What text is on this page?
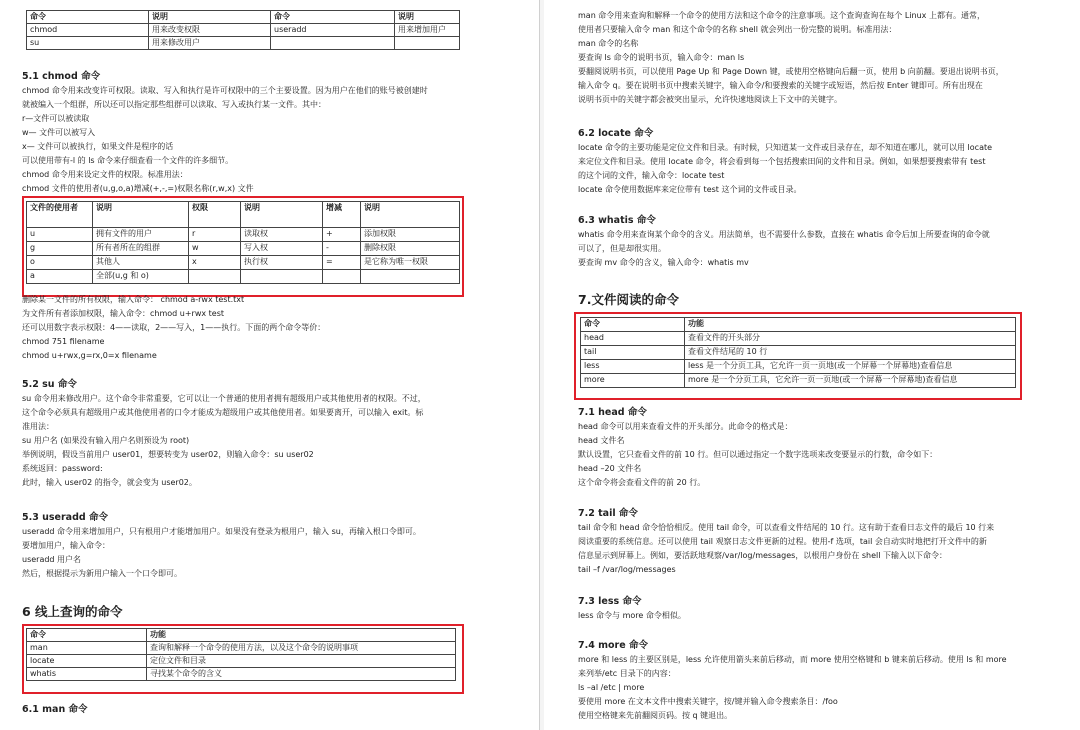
命令	说明	命令	说明
chmod	用来改变权限	useradd	用来增加用户
su	用来修改用户		
5.1 chmod 命令

chmod 命令用来改变许可权限。读取、写入和执行是许可权限中的三个主要设置。因为用户在他们的账号被创建时

就被编入一个组群，所以还可以指定那些组群可以读取、写入或执行某一文件。其中：

r—文件可以被读取

w— 文件可以被写入

x— 文件可以被执行，如果文件是程序的话

可以使用带有-l 的 ls 命令来仔细查看一个文件的许多细节。

chmod 命令用来设定文件的权限。标准用法：

chmod 文件的使用者(u,g,o,a)增减(+,-,=)权限名称(r,w,x) 文件

文件的使用者	说明	权限	说明	增减	说明
u	拥有文件的用户	r	读取权	+	添加权限
g	所有者所在的组群	w	写入权	-	删除权限
o	其他人	x	执行权	=	是它称为唯一权限
a	全部(u,g 和 o)				

删除某一文件的所有权限，输入命令： chmod a-rwx test.txt

为文件所有者添加权限，输入命令：chmod u+rwx test

还可以用数字表示权限：4——读取，2——写入，1——执行。下面的两个命令等价：

chmod 751 filename

chmod u+rwx,g=rx,0=x filename

5.2 su 命令

su 命令用来修改用户。这个命令非常重要，它可以让一个普通的使用者拥有超级用户或其他使用者的权限。不过，

这个命令必须具有超级用户或其他使用者的口令才能成为超级用户或其他使用者。如果要离开，可以输入 exit。标

准用法：

su 用户名 (如果没有输入用户名则预设为 root)

举例说明，假设当前用户 user01，想要转变为 user02，则输入命令：su user02

系统返回：password:

此时，输入 user02 的指令，就会变为 user02。

5.3 useradd 命令

useradd 命令用来增加用户，只有根用户才能增加用户。如果没有登录为根用户，输入 su，再输入根口令即可。

要增加用户，输入命令：

useradd 用户名

然后，根据提示为新用户输入一个口令即可。

6 线上查询的命令
命令	功能
man	查询和解释一个命令的使用方法，以及这个命令的说明事项
locate	定位文件和目录
whatis	寻找某个命令的含义
6.1 man 命令

man 命令用来查询和解释一个命令的使用方法和这个命令的注意事项。这个查询查询在每个 Linux 上都有。通常，

使用者只要输入命令 man 和这个命令的名称 shell 就会列出一份完整的说明。标准用法：

man 命令的名称

要查询 ls 命令的说明书页，输入命令：man ls

要翻阅说明书页，可以使用 Page Up 和 Page Down 键，或使用空格键向后翻一页，使用 b 向前翻。要退出说明书页，

输入命令 q。要在说明书页中搜索关键字，输入命令/和要搜索的关键字或短语，然后按 Enter 键即可。所有出现在

说明书页中的关键字都会被突出显示，允许快速地阅读上下文中的关键字。

6.2 locate 命令

locate 命令的主要功能是定位文件和目录。有时候，只知道某一文件或目录存在，却不知道在哪儿，就可以用 locate

来定位文件和目录。使用 locate 命令，将会看到每一个包括搜索田间的文件和目录。例如，如果想要搜索带有 test

的这个词的文件，输入命令：locate test

locate 命令使用数据库来定位带有 test 这个词的文件或目录。

6.3 whatis 命令

whatis 命令用来查询某个命令的含义。用法简单，也不需要什么参数，直接在 whatis 命令后加上所要查询的命令就

可以了，但是却很实用。

要查询 mv 命令的含义，输入命令：whatis mv

7.文件阅读的命令
命令	功能
head	查看文件的开头部分
tail	查看文件结尾的 10 行
less	less 是一个分页工具，它允许一页一页地(或一个屏幕一个屏幕地)查看信息
more	more 是一个分页工具，它允许一页一页地(或一个屏幕一个屏幕地)查看信息
7.1 head 命令

head 命令可以用来查看文件的开头部分。此命令的格式是：

head 文件名

默认设置，它只查看文件的前 10 行。但可以通过指定一个数字选项来改变要显示的行数，命令如下：

head –20 文件名

这个命令将会查看文件的前 20 行。

7.2 tail 命令

tail 命令和 head 命令恰恰相反。使用 tail 命令，可以查看文件结尾的 10 行。这有助于查看日志文件的最后 10 行来

阅读重要的系统信息。还可以使用 tail 观察日志文件更新的过程。使用-f 选项，tail 会自动实时地把打开文件中的新

信息显示到屏幕上。例如，要活跃地观察/var/log/messages，以根用户身份在 shell 下输入以下命令：

tail –f /var/log/messages

7.3 less 命令

less 命令与 more 命令相似。

7.4 more 命令

more 和 less 的主要区别是，less 允许使用箭头来前后移动，而 more 使用空格键和 b 键来前后移动。使用 ls 和 more

来列举/etc 目录下的内容：

ls –al /etc | more

要使用 more 在文本文件中搜索关键字，按/键并输入命令搜索条目：/foo

使用空格键来先前翻阅页码。按 q 键退出。
